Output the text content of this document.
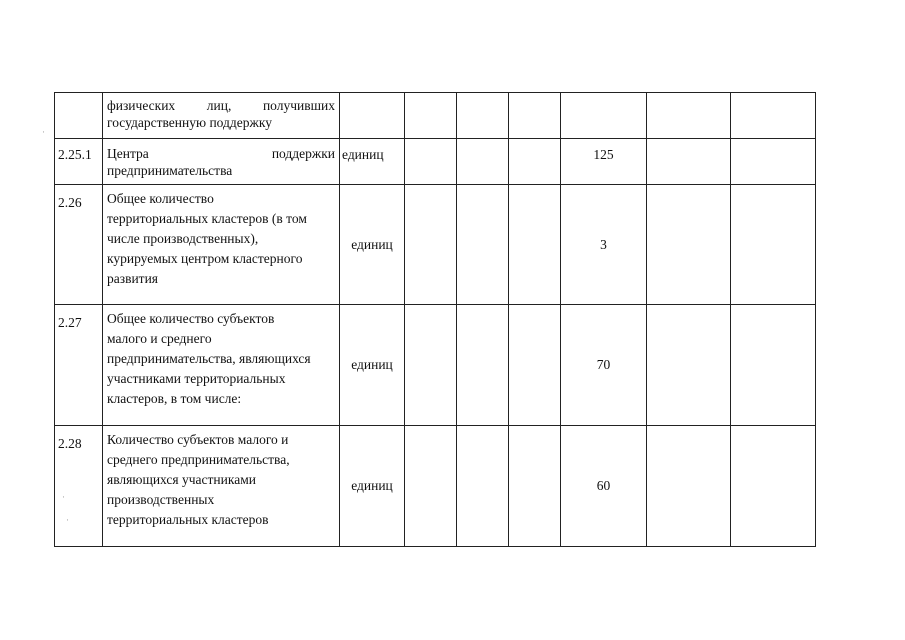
	физических лиц, получивших
государственную поддержку							
2.25.1	Центра поддержки
предпринимательства	единиц				125		
2.26	Общее количество
территориальных кластеров (в том
числе производственных),
курируемых центром кластерного
развития	единиц				3		
2.27	Общее количество субъектов
малого и среднего
предпринимательства, являющихся
участниками территориальных
кластеров, в том числе:	единиц				70		
2.28	Количество субъектов малого и
среднего предпринимательства,
являющихся участниками
производственных
территориальных кластеров	единиц				60		
·
·
·
